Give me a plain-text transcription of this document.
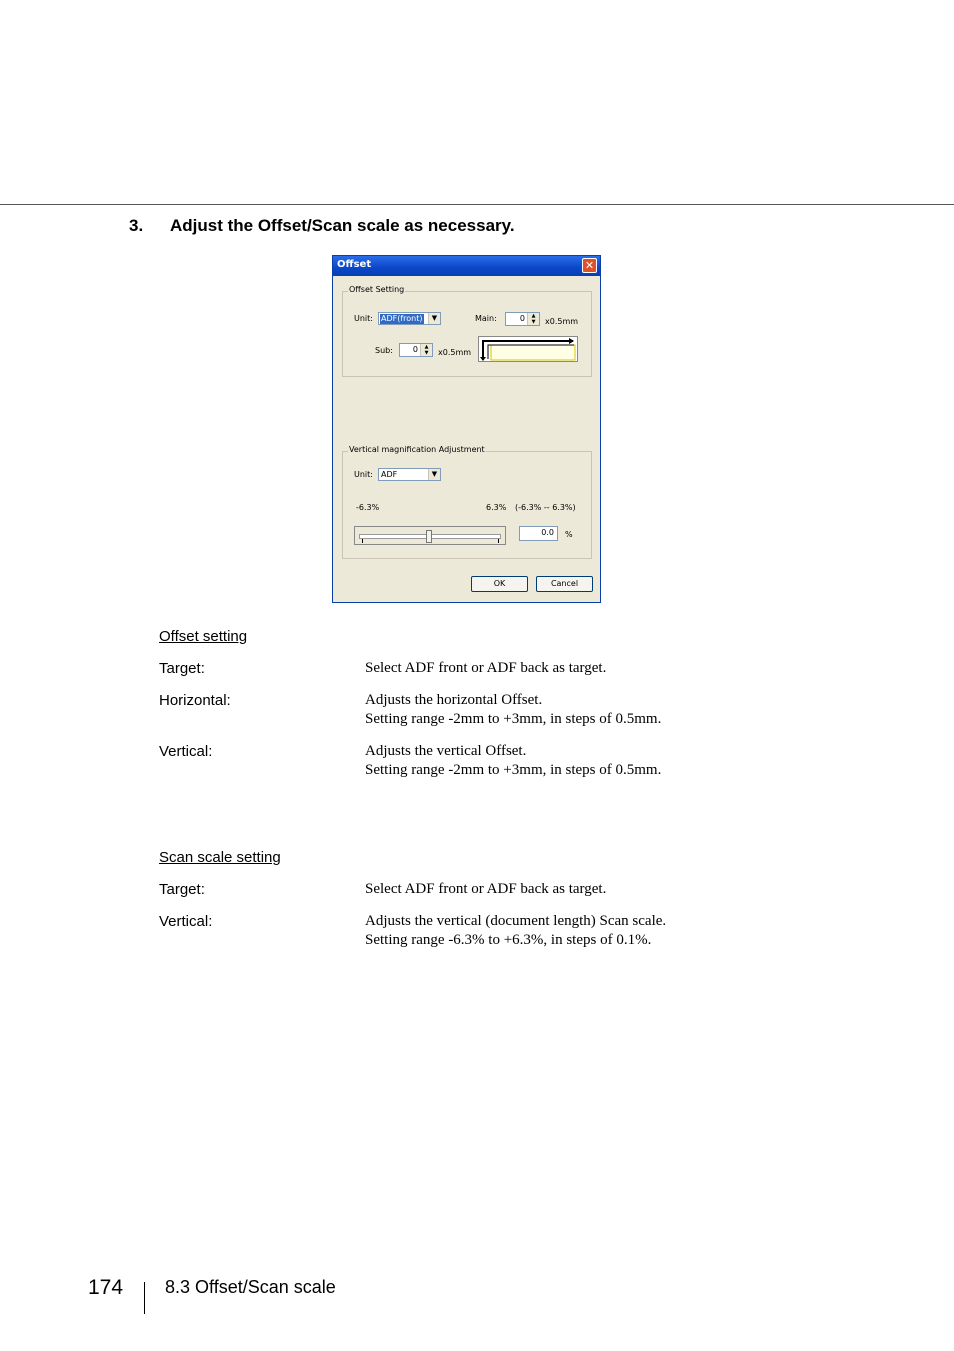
3. Adjust the Offset/Scan scale as necessary.
Offset	✕
Offset Setting
Unit: ADF(front)	▼	Main:	0	▲
▼	x0.5mm
Sub: 0	▲
▼	x0.5mm
Vertical magnification Adjustment
Unit: ADF	▼
-6.3%	6.3% (-6.3% -- 6.3%)
0.0	%
OK	Cancel
Offset setting
Target:	Select ADF front or ADF back as target.
Horizontal:	Adjusts the horizontal Offset.
Setting range -2mm to +3mm, in steps of 0.5mm.
Vertical:	Adjusts the vertical Offset.
Setting range -2mm to +3mm, in steps of 0.5mm.
Scan scale setting
Target:	Select ADF front or ADF back as target.
Vertical:	Adjusts the vertical (document length) Scan scale.
Setting range -6.3% to +6.3%, in steps of 0.1%.
174 8.3 Offset/Scan scale
